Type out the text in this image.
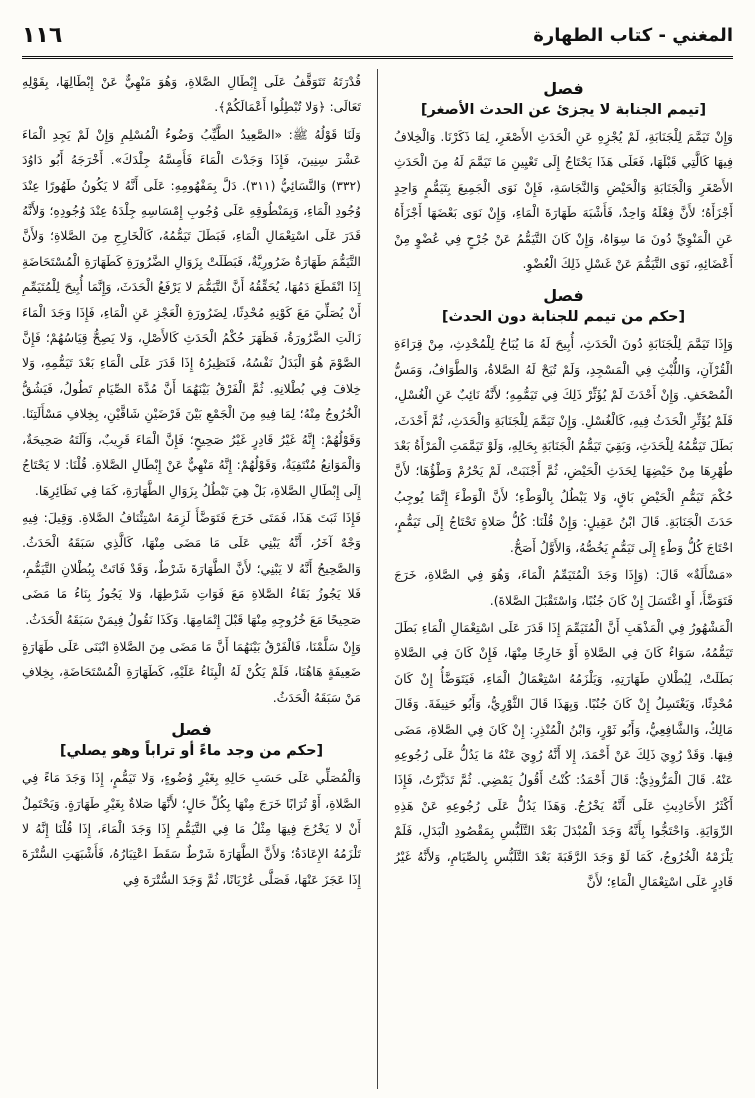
المغني - كتاب الطهارة
١١٦
فصل
[تيمم الجنابة لا يجزئ عن الحدث الأصغر]

وَإِنْ تَيَمَّمَ لِلْجَنَابَةِ، لَمْ يُجْزِهِ عَنِ الْحَدَثِ الأَصْغَرِ، لِمَا ذَكَرْنَا. وَالْخِلافُ فِيهَا كَالَّتِي قَبْلَهَا، فَعَلَى هَذَا يَحْتَاجُ إِلَى تَعْيِينِ مَا تَيَمَّمَ لَهُ مِنَ الْحَدَثِ الأَصْغَرِ وَالْجَنَابَةِ وَالْحَيْضِ وَالنَّجَاسَةِ، فَإِنْ نَوَى الْجَمِيعَ بِتَيَمُّمٍ وَاحِدٍ أَجْزَأَهُ؛ لأَنَّ فِعْلَهُ وَاحِدٌ، فَأَشْبَهَ طَهَارَةَ الْمَاءِ، وَإِنْ نَوَى بَعْضَهَا أَجْزَأَهُ عَنِ الْمَنْوِيِّ دُونَ مَا سِوَاهُ، وَإِنْ كَانَ التَّيَمُّمُ عَنْ جُرْحٍ فِي عُضْوٍ مِنْ أَعْضَائِهِ، نَوَى التَّيَمُّمَ عَنْ غَسْلِ ذَلِكَ الْعُضْوِ.

فصل
[حكم من تيمم للجنابة دون الحدث]

وَإِذَا تَيَمَّمَ لِلْجَنَابَةِ دُونَ الْحَدَثِ، أُبِيحَ لَهُ مَا يُبَاحُ لِلْمُحْدِثِ، مِنْ قِرَاءَةِ الْقُرْآنِ، وَاللُّبْثِ فِي الْمَسْجِدِ، وَلَمْ تُبَحْ لَهُ الصَّلاةُ، وَالطَّوَافُ، وَمَسُّ الْمُصْحَفِ. وَإِنْ أَحْدَثَ لَمْ يُؤَثِّرْ ذَلِكَ فِي تَيَمُّمِهِ؛ لأَنَّهُ نَائِبٌ عَنِ الْغُسْلِ، فَلَمْ يُؤَثِّرِ الْحَدَثُ فِيهِ، كَالْغُسْلِ. وَإِنْ تَيَمَّمَ لِلْجَنَابَةِ وَالْحَدَثِ، ثُمَّ أَحْدَثَ، بَطَلَ تَيَمُّمُهُ لِلْحَدَثِ، وَبَقِيَ تَيَمُّمُ الْجَنَابَةِ بِحَالِهِ، وَلَوْ تَيَمَّمَتِ الْمَرْأَةُ بَعْدَ طُهْرِهَا مِنْ حَيْضِهَا لِحَدَثِ الْحَيْضِ، ثُمَّ أَجْنَبَتْ، لَمْ يَحْرُمْ وَطْؤُهَا؛ لأَنَّ حُكْمَ تَيَمُّمِ الْحَيْضِ بَاقٍ، وَلا يَبْطُلُ بِالْوَطْءِ؛ لأَنَّ الْوَطْءَ إِنَّمَا يُوجِبُ حَدَثَ الْجَنَابَةِ. قَالَ ابْنُ عَقِيلٍ: وَإِنْ قُلْنَا: كُلُّ صَلاةٍ تَحْتَاجُ إِلَى تَيَمُّمٍ، احْتَاجَ كُلُّ وَطْءٍ إِلَى تَيَمُّمٍ يَخُصُّهُ، وَالأَوَّلُ أَصَحُّ.

«مَسْأَلَةٌ» قَالَ: (وَإِذَا وَجَدَ الْمُتَيَمِّمُ الْمَاءَ، وَهُوَ فِي الصَّلاةِ، خَرَجَ فَتَوَضَّأَ، أَوِ اغْتَسَلَ إِنْ كَانَ جُنُبًا، وَاسْتَقْبَلَ الصَّلاةَ).

الْمَشْهُورُ فِي الْمَذْهَبِ أَنَّ الْمُتَيَمِّمَ إِذَا قَدَرَ عَلَى اسْتِعْمَالِ الْمَاءِ بَطَلَ تَيَمُّمُهُ، سَوَاءٌ كَانَ فِي الصَّلاةِ أَوْ خَارِجًا مِنْهَا، فَإِنْ كَانَ فِي الصَّلاةِ بَطَلَتْ، لِبُطْلانِ طَهَارَتِهِ، وَيَلْزَمُهُ اسْتِعْمَالُ الْمَاءِ، فَيَتَوَضَّأُ إِنْ كَانَ مُحْدِثًا، وَيَغْتَسِلُ إِنْ كَانَ جُنُبًا. وَبِهَذَا قَالَ الثَّوْرِيُّ، وَأَبُو حَنِيفَةَ. وَقَالَ مَالِكٌ، وَالشَّافِعِيُّ، وَأَبُو ثَوْرٍ، وَابْنُ الْمُنْذِرِ: إِنْ كَانَ فِي الصَّلاةِ، مَضَى فِيهَا. وَقَدْ رُوِيَ ذَلِكَ عَنْ أَحْمَدَ، إِلا أَنَّهُ رُوِيَ عَنْهُ مَا يَدُلُّ عَلَى رُجُوعِهِ عَنْهُ. قَالَ الْمَرُّوذِيُّ: قَالَ أَحْمَدُ: كُنْتُ أَقُولُ يَمْضِي. ثُمَّ تَدَبَّرْتُ، فَإِذَا أَكْثَرُ الأَحَادِيثِ عَلَى أَنَّهُ يَخْرُجُ. وَهَذَا يَدُلُّ عَلَى رُجُوعِهِ عَنْ هَذِهِ الرِّوَايَةِ. وَاحْتَجُّوا بِأَنَّهُ وَجَدَ الْمُبْدَلَ بَعْدَ التَّلَبُّسِ بِمَقْصُودِ الْبَدَلِ، فَلَمْ يَلْزَمْهُ الْخُرُوجُ، كَمَا لَوْ وَجَدَ الرَّقَبَةَ بَعْدَ التَّلَبُّسِ بِالصِّيَامِ، وَلأَنَّهُ غَيْرُ قَادِرٍ عَلَى اسْتِعْمَالِ الْمَاءِ؛ لأَنَّ

قُدْرَتَهُ تَتَوَقَّفُ عَلَى إِبْطَالِ الصَّلاةِ، وَهُوَ مَنْهِيٌّ عَنْ إِبْطَالِهَا، بِقَوْلِهِ تَعَالَى: ﴿وَلا تُبْطِلُوا أَعْمَالَكُمْ﴾.

وَلَنَا قَوْلُهُ ﷺ: «الصَّعِيدُ الطَّيِّبُ وَضُوءُ الْمُسْلِمِ وَإِنْ لَمْ يَجِدِ الْمَاءَ عَشْرَ سِنِينَ، فَإِذَا وَجَدْتَ الْمَاءَ فَأَمِسَّهُ جِلْدَكَ». أَخْرَجَهُ أَبُو دَاوُدَ (٣٣٢) وَالنَّسَائِيُّ (٣١١). دَلَّ بِمَفْهُومِهِ: عَلَى أَنَّهُ لا يَكُونُ طَهُورًا عِنْدَ وُجُودِ الْمَاءِ، وَبِمَنْطُوقِهِ عَلَى وُجُوبِ إِمْسَاسِهِ جِلْدَهُ عِنْدَ وُجُودِهِ؛ وَلأَنَّهُ قَدَرَ عَلَى اسْتِعْمَالِ الْمَاءِ، فَبَطَلَ تَيَمُّمُهُ، كَالْخَارِجِ مِنَ الصَّلاةِ؛ وَلأَنَّ التَّيَمُّمَ طَهَارَةٌ ضَرُورِيَّةٌ، فَبَطَلَتْ بِزَوَالِ الضَّرُورَةِ كَطَهَارَةِ الْمُسْتَحَاضَةِ إِذَا انْقَطَعَ دَمُهَا، يُحَقِّقُهُ أَنَّ التَّيَمُّمَ لا يَرْفَعُ الْحَدَثَ، وَإِنَّمَا أُبِيحَ لِلْمُتَيَمِّمِ أَنْ يُصَلِّيَ مَعَ كَوْنِهِ مُحْدِثًا، لِضَرُورَةِ الْعَجْزِ عَنِ الْمَاءِ، فَإِذَا وَجَدَ الْمَاءَ زَالَتِ الضَّرُورَةُ، فَظَهَرَ حُكْمُ الْحَدَثِ كَالأَصْلِ، وَلا يَصِحُّ قِيَاسُهُمْ؛ فَإِنَّ الصَّوْمَ هُوَ الْبَدَلُ نَفْسُهُ، فَنَظِيرُهُ إِذَا قَدَرَ عَلَى الْمَاءِ بَعْدَ تَيَمُّمِهِ، وَلا خِلافَ فِي بُطْلانِهِ. ثُمَّ الْفَرْقُ بَيْنَهُمَا أَنَّ مُدَّةَ الصِّيَامِ تَطُولُ، فَيَشُقُّ الْخُرُوجُ مِنْهُ؛ لِمَا فِيهِ مِنَ الْجَمْعِ بَيْنَ فَرْضَيْنِ شَاقَّيْنِ، بِخِلافِ مَسْأَلَتِنَا. وَقَوْلُهُمْ: إِنَّهُ غَيْرُ قَادِرٍ غَيْرُ صَحِيحٍ؛ فَإِنَّ الْمَاءَ قَرِيبٌ، وَآلَتَهُ صَحِيحَةٌ، وَالْمَوَانِعُ مُنْتَفِيَةٌ، وَقَوْلُهُمْ: إِنَّهُ مَنْهِيٌّ عَنْ إِبْطَالِ الصَّلاةِ. قُلْنَا: لا يَحْتَاجُ إِلَى إِبْطَالِ الصَّلاةِ، بَلْ هِيَ تَبْطُلُ بِزَوَالِ الطَّهَارَةِ، كَمَا فِي نَظَائِرِهَا.

فَإِذَا ثَبَتَ هَذَا، فَمَتَى خَرَجَ فَتَوَضَّأَ لَزِمَهُ اسْتِئْنَافُ الصَّلاةِ. وَقِيلَ: فِيهِ وَجْهٌ آخَرُ، أَنَّهُ يَبْنِي عَلَى مَا مَضَى مِنْهَا، كَالَّذِي سَبَقَهُ الْحَدَثُ. وَالصَّحِيحُ أَنَّهُ لا يَبْنِي؛ لأَنَّ الطَّهَارَةَ شَرْطٌ، وَقَدْ فَاتَتْ بِبُطْلانِ التَّيَمُّمِ، فَلا يَجُوزُ بَقَاءُ الصَّلاةِ مَعَ فَوَاتِ شَرْطِهَا، وَلا يَجُوزُ بِنَاءُ مَا مَضَى صَحِيحًا مَعَ خُرُوجِهِ مِنْهَا قَبْلَ إِتْمَامِهَا. وَكَذَا نَقُولُ فِيمَنْ سَبَقَهُ الْحَدَثُ.

وَإِنْ سَلَّمْنَا، فَالْفَرْقُ بَيْنَهُمَا أَنَّ مَا مَضَى مِنَ الصَّلاةِ انْبَنَى عَلَى طَهَارَةٍ ضَعِيفَةٍ هَاهُنَا، فَلَمْ يَكُنْ لَهُ الْبِنَاءُ عَلَيْهِ، كَطَهَارَةِ الْمُسْتَحَاضَةِ، بِخِلافِ مَنْ سَبَقَهُ الْحَدَثُ.

فصل
[حكم من وجد ماءً أو تراباً وهو يصلي]

وَالْمُصَلِّي عَلَى حَسَبِ حَالِهِ بِغَيْرِ وُضُوءٍ، وَلا تَيَمُّمٍ، إِذَا وَجَدَ مَاءً فِي الصَّلاةِ، أَوْ تُرَابًا خَرَجَ مِنْهَا بِكُلِّ حَالٍ؛ لأَنَّهَا صَلاةٌ بِغَيْرِ طَهَارَةٍ. وَيَحْتَمِلُ أَنْ لا يَخْرُجَ فِيهَا مِثْلُ مَا فِي التَّيَمُّمِ إِذَا وَجَدَ الْمَاءَ، إِذَا قُلْنَا إِنَّهُ لا تَلْزَمُهُ الإِعَادَةُ؛ وَلأَنَّ الطَّهَارَةَ شَرْطٌ سَقَطَ اعْتِبَارُهُ، فَأَشْبَهَتِ السُّتْرَةَ إِذَا عَجَزَ عَنْهَا، فَصَلَّى عُرْيَانًا، ثُمَّ وَجَدَ السُّتْرَةَ فِي
